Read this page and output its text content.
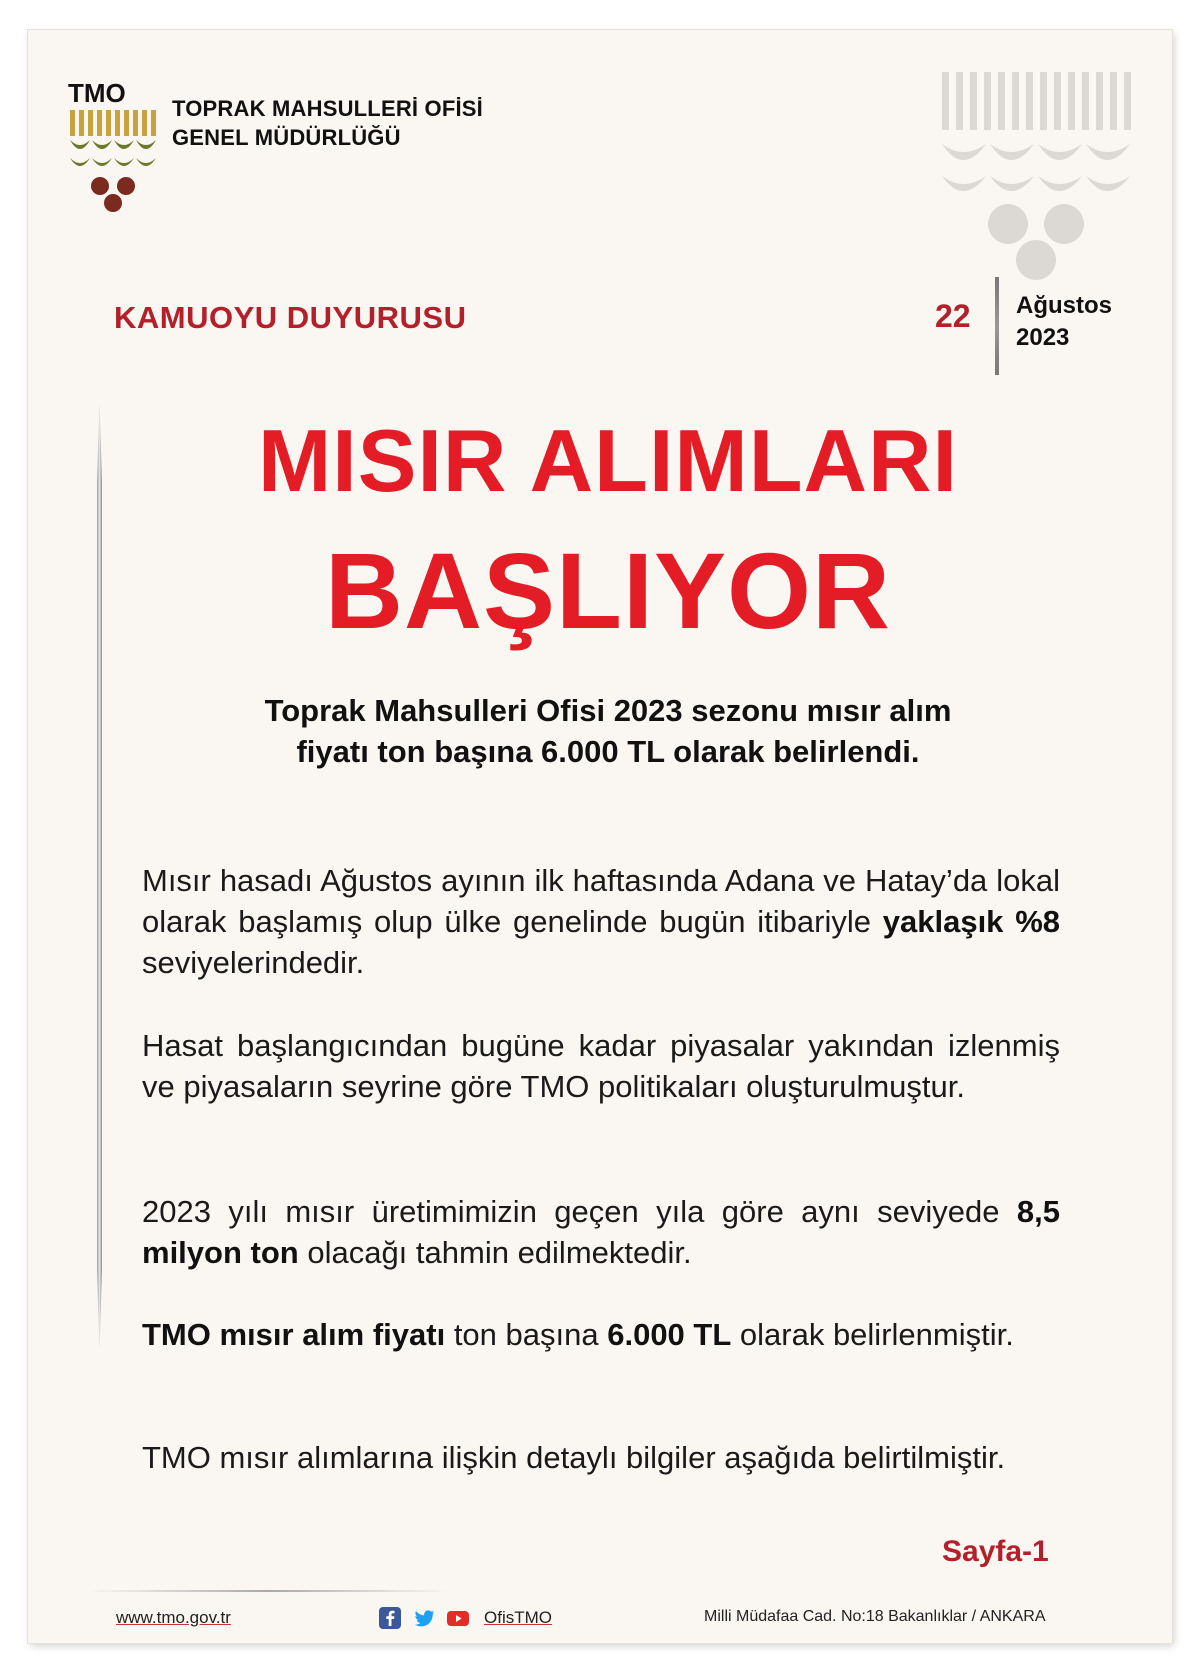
TMO
TOPRAK MAHSULLERİ OFİSİ
GENEL MÜDÜRLÜĞÜ
KAMUOYU DUYURUSU	22 Ağustos
2023
MISIR ALIMLARI
BAŞLIYOR
Toprak Mahsulleri Ofisi 2023 sezonu mısır alım
fiyatı ton başına 6.000 TL olarak belirlendi.
Mısır hasadı Ağustos ayının ilk haftasında Adana ve Hatay’da lokal olarak başlamış olup ülke genelinde bugün itibariyle yaklaşık %8 seviyelerindedir.
Hasat başlangıcından bugüne kadar piyasalar yakından izlenmiş ve piyasaların seyrine göre TMO politikaları oluşturulmuştur.
2023 yılı mısır üretimimizin geçen yıla göre aynı seviyede 8,5 milyon ton olacağı tahmin edilmektedir.
TMO mısır alım fiyatı ton başına 6.000 TL olarak belirlenmiştir.
TMO mısır alımlarına ilişkin detaylı bilgiler aşağıda belirtilmiştir.
Sayfa-1
www.tmo.gov.tr	OfisTMO	Milli Müdafaa Cad. No:18 Bakanlıklar / ANKARA
